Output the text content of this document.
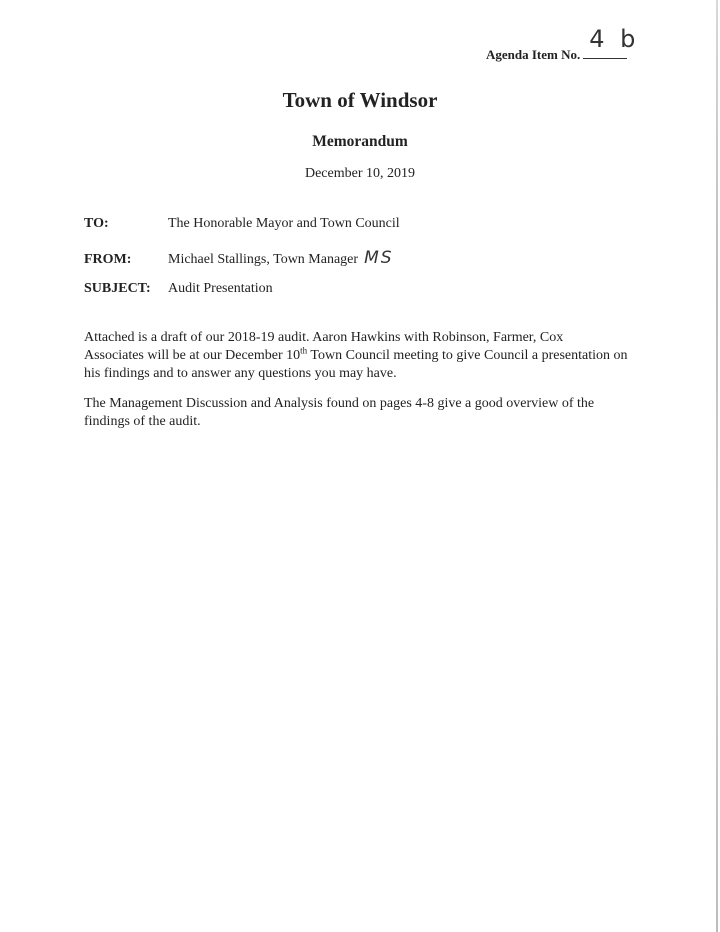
Agenda Item No.
4 b
Town of Windsor
Memorandum
December 10, 2019
TO:	The Honorable Mayor and Town Council
FROM:	Michael Stallings, Town Manager MS
SUBJECT: Audit Presentation
Attached is a draft of our 2018-19 audit. Aaron Hawkins with Robinson, Farmer, Cox
Associates will be at our December 10th Town Council meeting to give Council a presentation on
his findings and to answer any questions you may have.
The Management Discussion and Analysis found on pages 4-8 give a good overview of the
findings of the audit.
